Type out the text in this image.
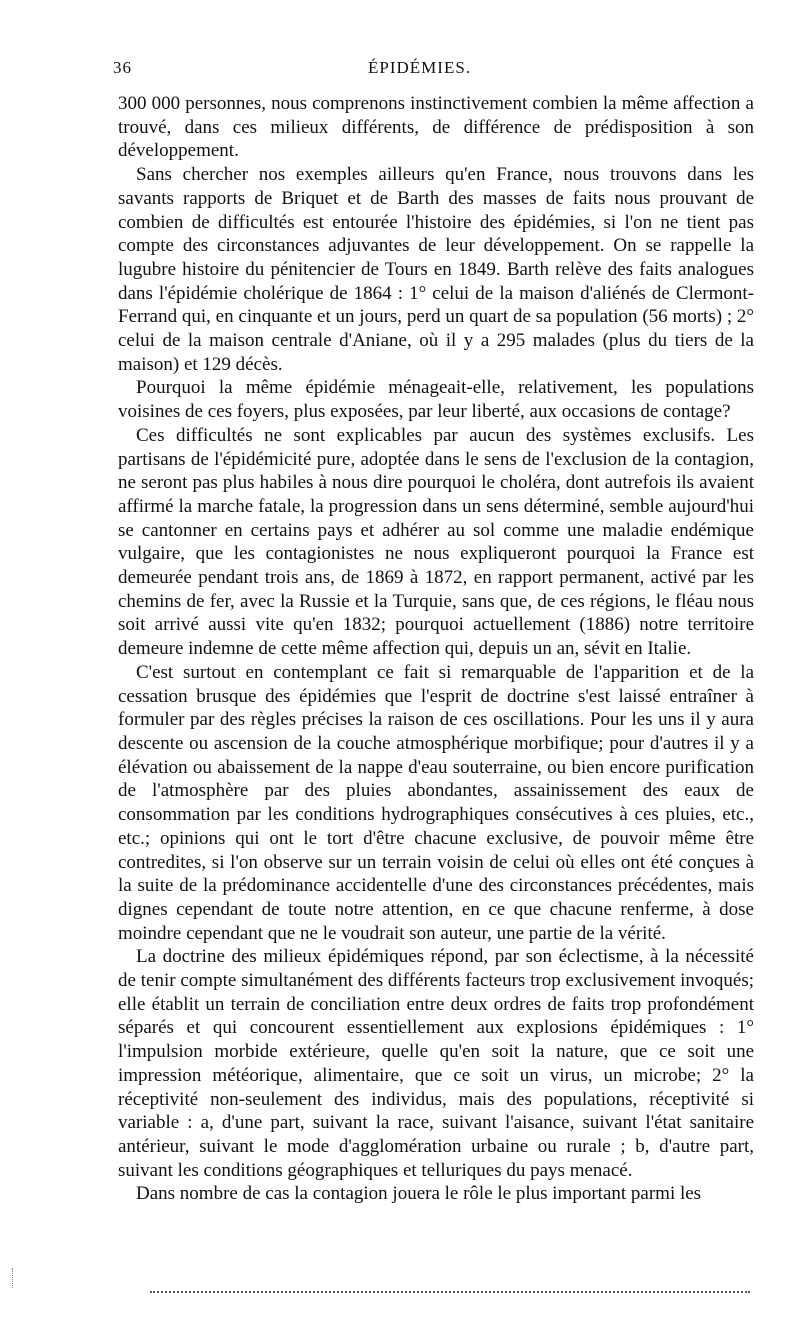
36	ÉPIDÉMIES.

300 000 personnes, nous comprenons instinctivement combien la même affection a trouvé, dans ces milieux différents, de différence de prédisposition à son développement.

Sans chercher nos exemples ailleurs qu'en France, nous trouvons dans les savants rapports de Briquet et de Barth des masses de faits nous prouvant de combien de difficultés est entourée l'histoire des épidémies, si l'on ne tient pas compte des circonstances adjuvantes de leur développement. On se rappelle la lugubre histoire du pénitencier de Tours en 1849. Barth relève des faits analogues dans l'épidémie cholérique de 1864 : 1° celui de la maison d'aliénés de Clermont-Ferrand qui, en cinquante et un jours, perd un quart de sa population (56 morts) ; 2° celui de la maison centrale d'Aniane, où il y a 295 malades (plus du tiers de la maison) et 129 décès.

Pourquoi la même épidémie ménageait-elle, relativement, les populations voisines de ces foyers, plus exposées, par leur liberté, aux occasions de contage?

Ces difficultés ne sont explicables par aucun des systèmes exclusifs. Les partisans de l'épidémicité pure, adoptée dans le sens de l'exclusion de la contagion, ne seront pas plus habiles à nous dire pourquoi le choléra, dont autrefois ils avaient affirmé la marche fatale, la progression dans un sens déterminé, semble aujourd'hui se cantonner en certains pays et adhérer au sol comme une maladie endémique vulgaire, que les contagionistes ne nous expliqueront pourquoi la France est demeurée pendant trois ans, de 1869 à 1872, en rapport permanent, activé par les chemins de fer, avec la Russie et la Turquie, sans que, de ces régions, le fléau nous soit arrivé aussi vite qu'en 1832; pourquoi actuellement (1886) notre territoire demeure indemne de cette même affection qui, depuis un an, sévit en Italie.

C'est surtout en contemplant ce fait si remarquable de l'apparition et de la cessation brusque des épidémies que l'esprit de doctrine s'est laissé entraîner à formuler par des règles précises la raison de ces oscillations. Pour les uns il y aura descente ou ascension de la couche atmosphérique morbifique; pour d'autres il y a élévation ou abaissement de la nappe d'eau souterraine, ou bien encore purification de l'atmosphère par des pluies abondantes, assainissement des eaux de consommation par les conditions hydrographiques consécutives à ces pluies, etc., etc.; opinions qui ont le tort d'être chacune exclusive, de pouvoir même être contredites, si l'on observe sur un terrain voisin de celui où elles ont été conçues à la suite de la prédominance accidentelle d'une des circonstances précédentes, mais dignes cependant de toute notre attention, en ce que chacune renferme, à dose moindre cependant que ne le voudrait son auteur, une partie de la vérité.

La doctrine des milieux épidémiques répond, par son éclectisme, à la nécessité de tenir compte simultanément des différents facteurs trop exclusivement invoqués; elle établit un terrain de conciliation entre deux ordres de faits trop profondément séparés et qui concourent essentiellement aux explosions épidémiques : 1° l'impulsion morbide extérieure, quelle qu'en soit la nature, que ce soit une impression météorique, alimentaire, que ce soit un virus, un microbe; 2° la réceptivité non-seulement des individus, mais des populations, réceptivité si variable : a, d'une part, suivant la race, suivant l'aisance, suivant l'état sanitaire antérieur, suivant le mode d'agglomération urbaine ou rurale ; b, d'autre part, suivant les conditions géographiques et telluriques du pays menacé.

Dans nombre de cas la contagion jouera le rôle le plus important parmi les
